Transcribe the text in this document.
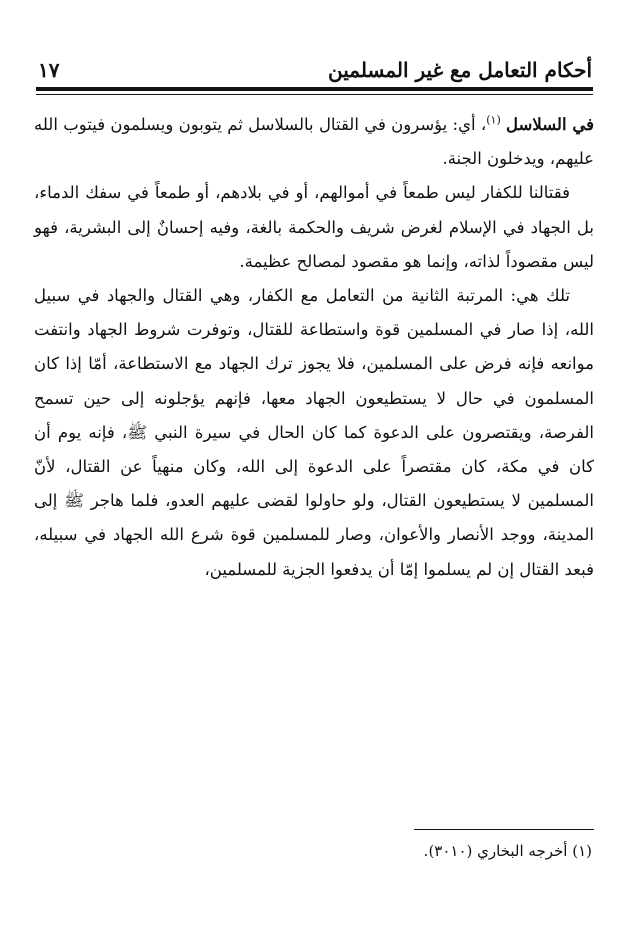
أحكام التعامل مع غير المسلمين
١٧

في السلاسل $^{(١)}$، أي: يؤسرون في القتال بالسلاسل ثم يتوبون ويسلمون فيتوب الله عليهم، ويدخلون الجنة.

فقتالنا للكفار ليس طمعاً في أموالهم، أو في بلادهم، أو طمعاً في سفك الدماء، بل الجهاد في الإسلام لغرض شريف والحكمة بالغة، وفيه إحسانٌ إلى البشرية، فهو ليس مقصوداً لذاته، وإنما هو مقصود لمصالح عظيمة.

تلك هي: المرتبة الثانية من التعامل مع الكفار، وهي القتال والجهاد في سبيل الله، إذا صار في المسلمين قوة واستطاعة للقتال، وتوفرت شروط الجهاد وانتفت موانعه فإنه فرض على المسلمين، فلا يجوز ترك الجهاد مع الاستطاعة، أمّا إذا كان المسلمون في حال لا يستطيعون الجهاد معها، فإنهم يؤجلونه إلى حين تسمح الفرصة، ويقتصرون على الدعوة كما كان الحال في سيرة النبي ﷺ، فإنه يوم أن كان في مكة، كان مقتصراً على الدعوة إلى الله، وكان منهياً عن القتال، لأنّ المسلمين لا يستطيعون القتال، ولو حاولوا لقضى عليهم العدو، فلما هاجر ﷺ إلى المدينة، ووجد الأنصار والأعوان، وصار للمسلمين قوة شرع الله الجهاد في سبيله، فبعد القتال إن لم يسلموا إمّا أن يدفعوا الجزية للمسلمين،

(١) أخرجه البخاري (٣٠١٠).
